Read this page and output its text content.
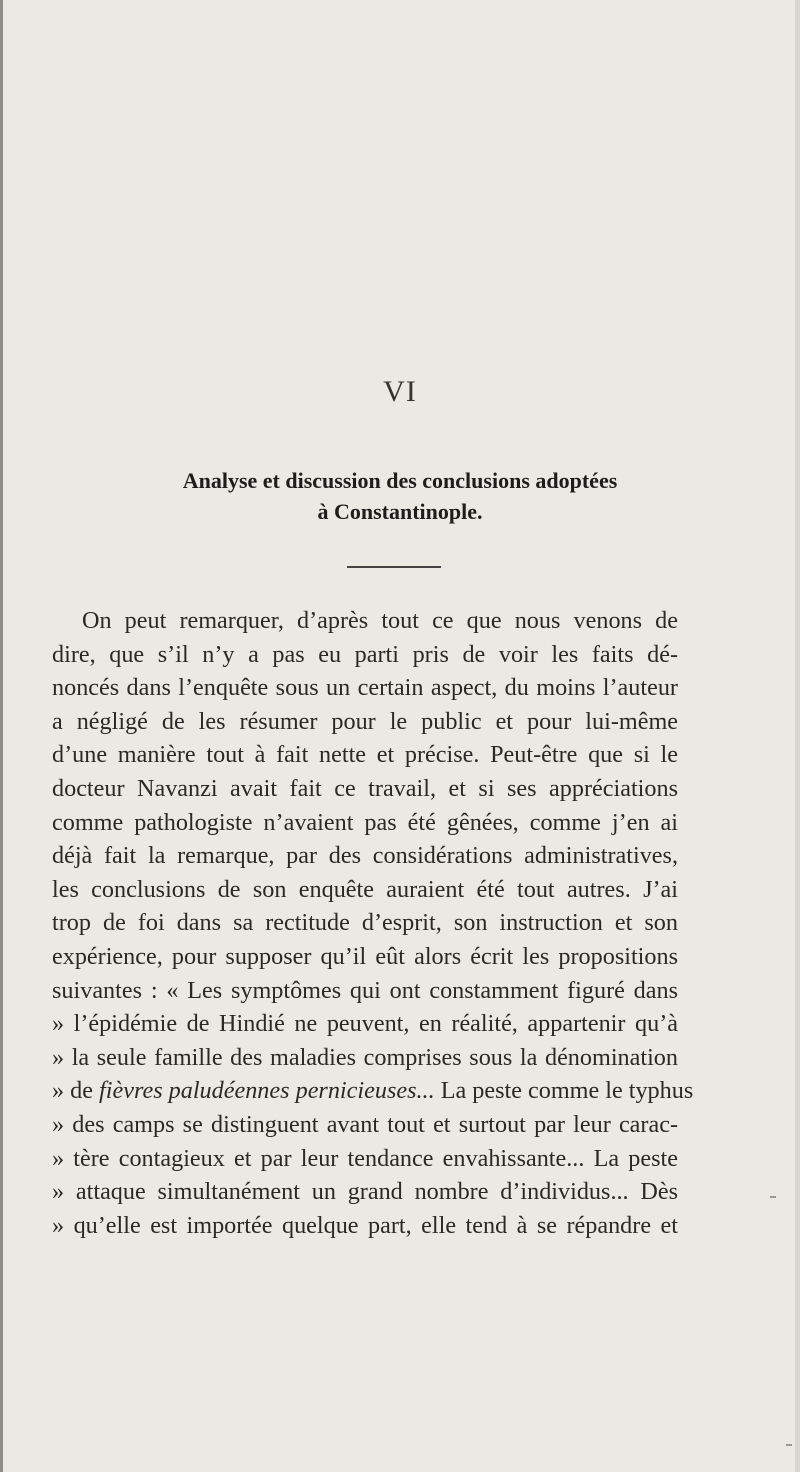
VI
Analyse et discussion des conclusions adoptées
à Constantinople.
On peut remarquer, d’après tout ce que nous venons de
dire, que s’il n’y a pas eu parti pris de voir les faits dé-
noncés dans l’enquête sous un certain aspect, du moins l’auteur
a négligé de les résumer pour le public et pour lui-même
d’une manière tout à fait nette et précise. Peut-être que si le
docteur Navanzi avait fait ce travail, et si ses appréciations
comme pathologiste n’avaient pas été gênées, comme j’en ai
déjà fait la remarque, par des considérations administratives,
les conclusions de son enquête auraient été tout autres. J’ai
trop de foi dans sa rectitude d’esprit, son instruction et son
expérience, pour supposer qu’il eût alors écrit les propositions
suivantes : « Les symptômes qui ont constamment figuré dans
» l’épidémie de Hindié ne peuvent, en réalité, appartenir qu’à
» la seule famille des maladies comprises sous la dénomination
» de fièvres paludéennes pernicieuses... La peste comme le typhus
» des camps se distinguent avant tout et surtout par leur carac-
» tère contagieux et par leur tendance envahissante... La peste
» attaque simultanément un grand nombre d’individus... Dès
» qu’elle est importée quelque part, elle tend à se répandre et
